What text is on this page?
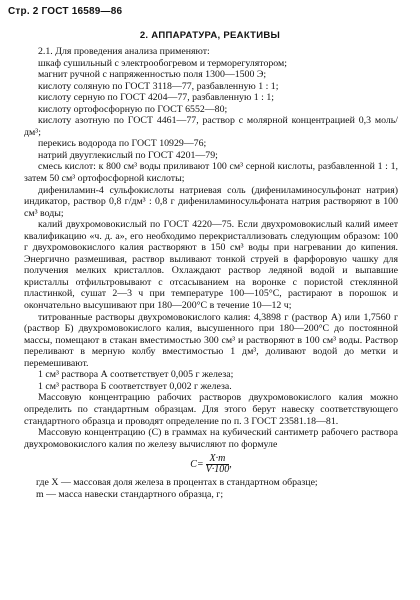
Стр. 2 ГОСТ 16589—86
2. АППАРАТУРА, РЕАКТИВЫ

2.1. Для проведения анализа применяют:

шкаф сушильный с электрообогревом и терморегулятором;

магнит ручной с напряженностью поля 1300—1500 Э;

кислоту соляную по ГОСТ 3118—77, разбавленную 1 : 1;

кислоту серную по ГОСТ 4204—77, разбавленную 1 : 1;

кислоту ортофосфорную по ГОСТ 6552—80;

кислоту азотную по ГОСТ 4461—77, раствор с молярной концентрацией 0,3 моль/дм³;

перекись водорода по ГОСТ 10929—76;

натрий двууглекислый по ГОСТ 4201—79;

смесь кислот: к 800 см³ воды приливают 100 см³ серной кислоты, разбавленной 1 : 1, затем 50 см³ ортофосфорной кислоты;

дифениламин-4 сульфокислоты натриевая соль (дифениламиносульфонат натрия) индикатор, раствор 0,8 г/дм³ : 0,8 г дифениламиносульфоната натрия растворяют в 100 см³ воды;

калий двухромовокислый по ГОСТ 4220—75. Если двухромовокислый калий имеет квалификацию «ч. д. а», его необходимо перекристаллизовать следующим образом: 100 г двухромовокислого калия растворяют в 150 см³ воды при нагревании до кипения. Энергично размешивая, раствор выливают тонкой струей в фарфоровую чашку для получения мелких кристаллов. Охлаждают раствор ледяной водой и выпавшие кристаллы отфильтровывают с отсасыванием на воронке с пористой стеклянной пластинкой, сушат 2—3 ч при температуре 100—105°С, растирают в порошок и окончательно высушивают при 180—200°С в течение 10—12 ч;

титрованные растворы двухромовокислого калия: 4,3898 г (раствор А) или 1,7560 г (раствор Б) двухромовокислого калия, высушенного при 180—200°С до постоянной массы, помещают в стакан вместимостью 300 см³ и растворяют в 100 см³ воды. Раствор переливают в мерную колбу вместимостью 1 дм³, доливают водой до метки и перемешивают.

1 см³ раствора А соответствует 0,005 г железа;

1 см³ раствора Б соответствует 0,002 г железа.

Массовую концентрацию рабочих растворов двухромовокислого калия можно определить по стандартным образцам. Для этого берут навеску соответствующего стандартного образца и проводят определение по п. 3 ГОСТ 23581.18—81.

Массовую концентрацию (С) в граммах на кубический сантиметр рабочего раствора двухромовокислого калия по железу вычисляют по формуле

$C= \frac{X\cdot m}{V\cdot 100}$ ,

где X — массовая доля железа в процентах в стандартном образце;

m — масса навески стандартного образца, г;
